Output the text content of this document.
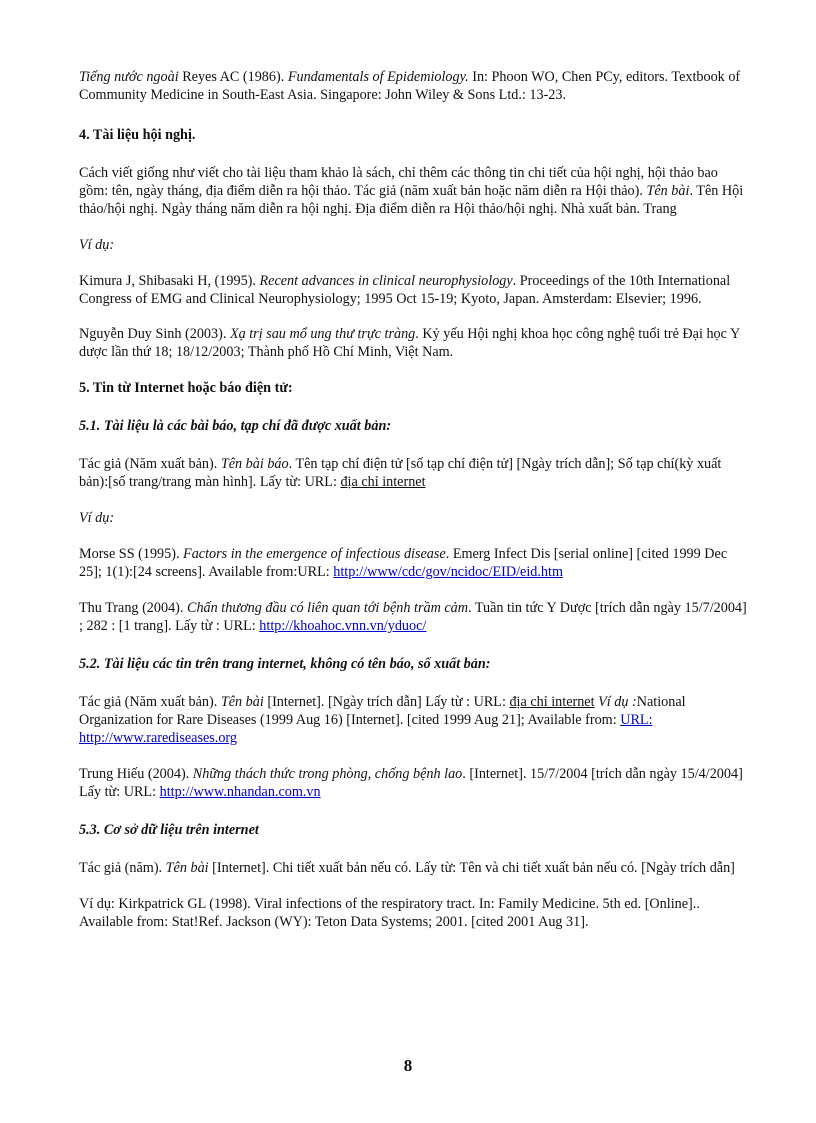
Tiếng nước ngoài Reyes AC (1986). Fundamentals of Epidemiology. In: Phoon WO, Chen PCy, editors. Textbook of Community Medicine in South-East Asia. Singapore: John Wiley & Sons Ltd.: 13-23.

4. Tài liệu hội nghị.

Cách viết giống như viết cho tài liệu tham khảo là sách, chỉ thêm các thông tin chi tiết của hội nghị, hội thảo bao gồm: tên, ngày tháng, địa điểm diễn ra hội thảo. Tác giả (năm xuất bản hoặc năm diễn ra Hội thảo). Tên bài. Tên Hội thảo/hội nghị. Ngày tháng năm diễn ra hội nghị. Địa điểm diễn ra Hội thảo/hội nghị. Nhà xuất bản. Trang

Ví dụ:

Kimura J, Shibasaki H, (1995). Recent advances in clinical neurophysiology. Proceedings of the 10th International Congress of EMG and Clinical Neurophysiology; 1995 Oct 15-19; Kyoto, Japan. Amsterdam: Elsevier; 1996.

Nguyễn Duy Sinh (2003). Xạ trị sau mổ ung thư trực tràng. Kỷ yếu Hội nghị khoa học công nghệ tuổi trẻ Đại học Y dược lần thứ 18; 18/12/2003; Thành phố Hồ Chí Minh, Việt Nam.

5. Tin từ Internet hoặc báo điện tử:

5.1. Tài liệu là các bài báo, tạp chí đã được xuất bản:

Tác giả (Năm xuất bản). Tên bài báo. Tên tạp chí điện tử [số tạp chí điện tử] [Ngày trích dẫn]; Số tạp chí(kỳ xuất bản):[số trang/trang màn hình]. Lấy từ: URL: địa chỉ internet

Ví dụ:

Morse SS (1995). Factors in the emergence of infectious disease. Emerg Infect Dis [serial online] [cited 1999 Dec 25]; 1(1):[24 screens]. Available from:URL: http://www/cdc/gov/ncidoc/EID/eid.htm

Thu Trang (2004). Chấn thương đầu có liên quan tới bệnh trầm cảm. Tuần tin tức Y Dược [trích dẫn ngày 15/7/2004] ; 282 : [1 trang]. Lấy từ : URL: http://khoahoc.vnn.vn/yduoc/

5.2. Tài liệu các tin trên trang internet, không có tên báo, số xuất bản:

Tác giả (Năm xuất bản). Tên bài [Internet]. [Ngày trích dẫn] Lấy từ : URL: địa chỉ internet Ví dụ :National Organization for Rare Diseases (1999 Aug 16) [Internet]. [cited 1999 Aug 21]; Available from: URL: http://www.rarediseases.org

Trung Hiếu (2004). Những thách thức trong phòng, chống bệnh lao. [Internet]. 15/7/2004 [trích dẫn ngày 15/4/2004] Lấy từ: URL: http://www.nhandan.com.vn

5.3. Cơ sở dữ liệu trên internet

Tác giả (năm). Tên bài [Internet]. Chi tiết xuất bản nếu có. Lấy từ: Tên và chi tiết xuất bản nếu có. [Ngày trích dẫn]

Ví dụ: Kirkpatrick GL (1998). Viral infections of the respiratory tract. In: Family Medicine. 5th ed. [Online].. Available from: Stat!Ref. Jackson (WY): Teton Data Systems; 2001. [cited 2001 Aug 31].

8
